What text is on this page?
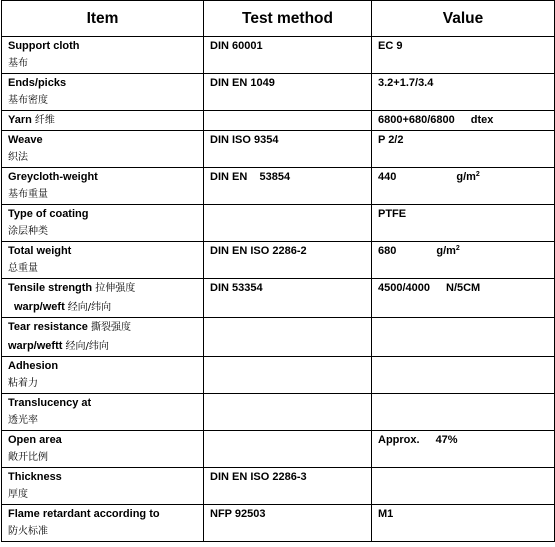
Item	Test method	Value

Support cloth
基布	DIN 60001	EC 9

Ends/picks
基布密度	DIN EN 1049	3.2+1.7/3.4
Yarn 纤维		6800+680/6800 dtex

Weave
织法	DIN ISO 9354	P 2/2

Greycloth-weight
基布重量	DIN EN    53854	440 $g/m^2$

Type of coating
涂层种类		PTFE

Total weight
总重量	DIN EN ISO 2286-2	680 $g/m^2$

Tensile strength 拉伸强度
warp/weft 经向/纬向	DIN 53354	4500/4000 N/5CM

Tear resistance 撕裂强度
warp/weftt 经向/纬向		

Adhesion
粘着力		

Translucency at
透光率		

Open area
敞开比例		Approx. 47%

Thickness
厚度	DIN EN ISO 2286-3	

Flame retardant according to
防火标准	NFP 92503	M1
